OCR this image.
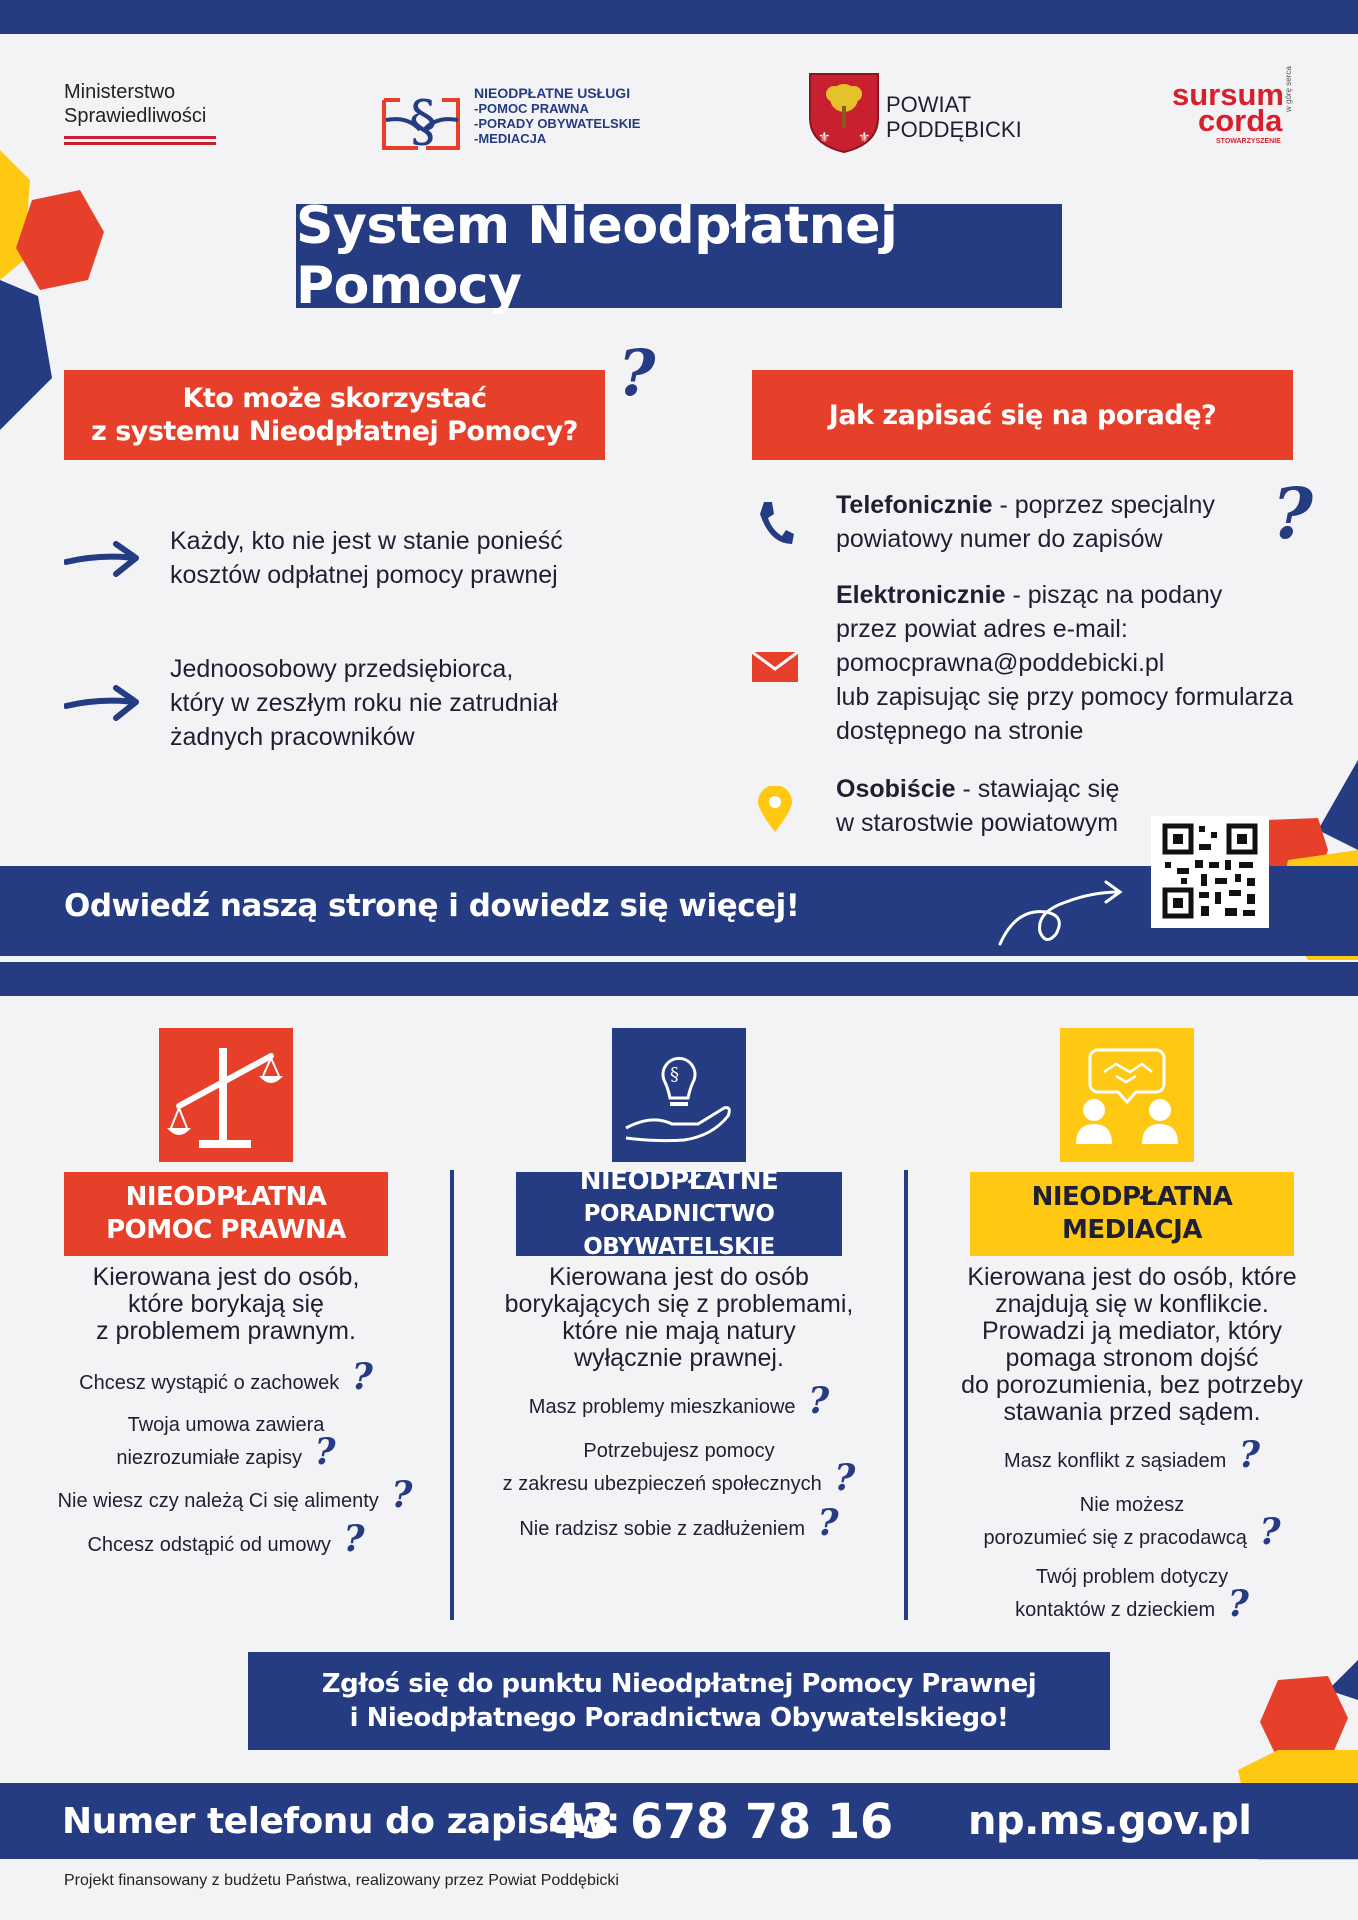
Ministerstwo
Sprawiedliwości	§	NIEODPŁATNE USŁUGI
-POMOC PRAWNA
-PORADY OBYWATELSKIE
-MEDIACJA	⚜ ⚜
POWIAT
PODDĘBICKI
sursum
corda
STOWARZYSZENIE
w górę serca
System Nieodpłatnej Pomocy
Kto może skorzystać
z systemu Nieodpłatnej Pomocy?
?
Każdy, kto nie jest w stanie ponieść
kosztów odpłatnej pomocy prawnej
Jednoosobowy przedsiębiorca,
który w zeszłym roku nie zatrudniał
żadnych pracowników
Jak zapisać się na poradę?
?
Telefonicznie - poprzez specjalny
powiatowy numer do zapisów
Elektronicznie - pisząc na podany
przez powiat adres e-mail:
pomocprawna@poddebicki.pl
lub zapisując się przy pomocy formularza
dostępnego na stronie
Osobiście - stawiając się
w starostwie powiatowym
Odwiedź naszą stronę i dowiedz się więcej!
NIEODPŁATNA
POMOC PRAWNA
Kierowana jest do osób,
które borykają się
z problemem prawnym.
Chcesz wystąpić o zachowek ?
Twoja umowa zawiera
niezrozumiałe zapisy ?
Nie wiesz czy należą Ci się alimenty ?
Chcesz odstąpić od umowy ?
§
NIEODPŁATNE
PORADNICTWO OBYWATELSKIE
Kierowana jest do osób
borykających się z problemami,
które nie mają natury
wyłącznie prawnej.
Masz problemy mieszkaniowe ?
Potrzebujesz pomocy
z zakresu ubezpieczeń społecznych ?
Nie radzisz sobie z zadłużeniem ?
NIEODPŁATNA
MEDIACJA
Kierowana jest do osób, które
znajdują się w konflikcie.
Prowadzi ją mediator, który
pomaga stronom dojść
do porozumienia, bez potrzeby
stawania przed sądem.
Masz konflikt z sąsiadem ?
Nie możesz
porozumieć się z pracodawcą ?
Twój problem dotyczy
kontaktów z dzieckiem ?
Zgłoś się do punktu Nieodpłatnej Pomocy Prawnej
i Nieodpłatnego Poradnictwa Obywatelskiego!
Numer telefonu do zapisów:
43 678 78 16 np.ms.gov.pl
Projekt finansowany z budżetu Państwa, realizowany przez Powiat Poddębicki
